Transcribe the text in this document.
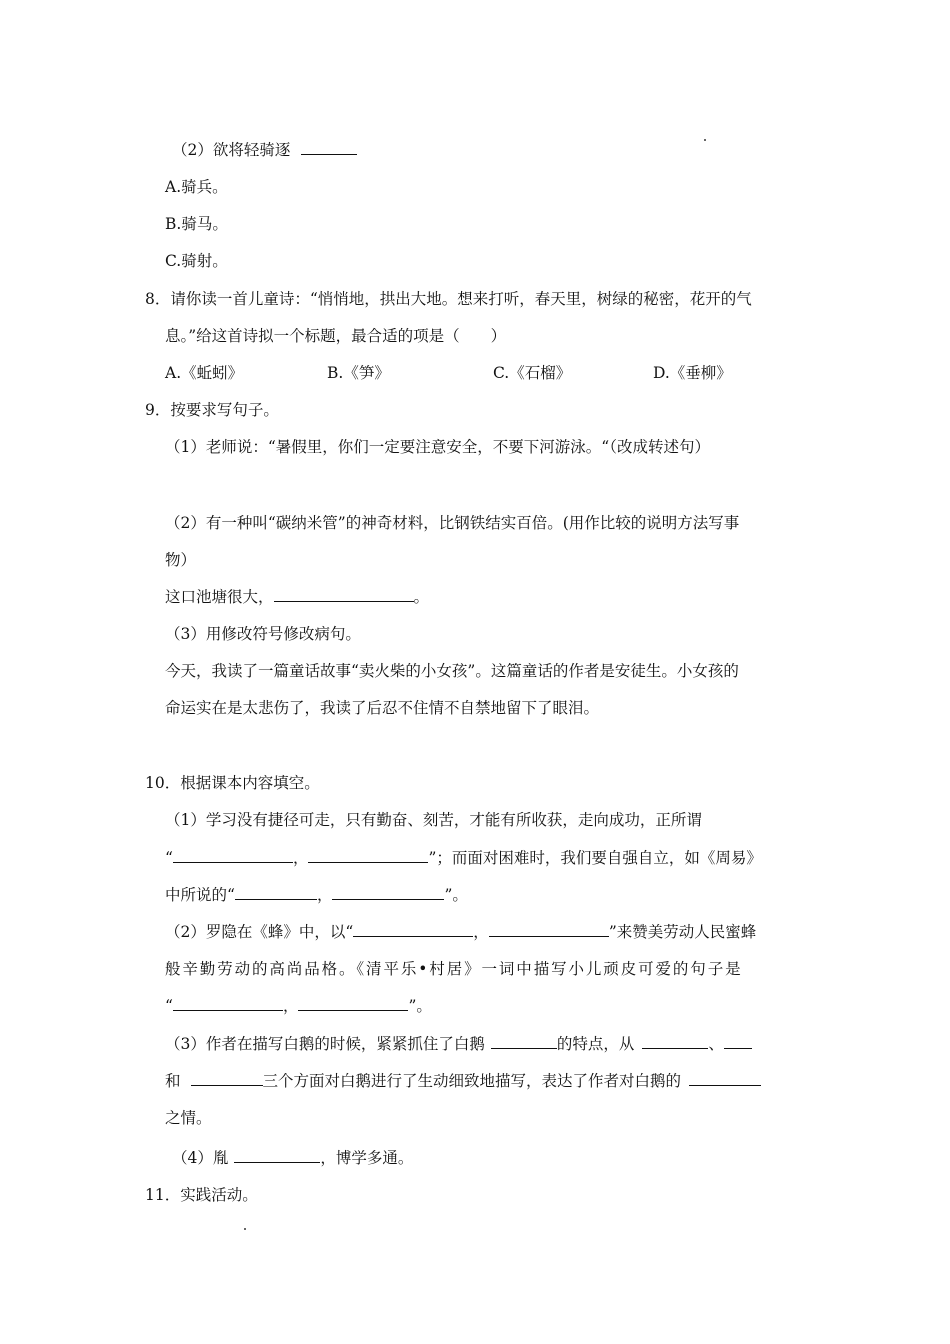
（2）欲将轻骑逐
A.骑兵。
B.骑马。
C.骑射。
8．请你读一首儿童诗：“悄悄地，拱出大地。想来打听，春天里，树绿的秘密，花开的气
息。”给这首诗拟一个标题，最合适的项是（　　）
A.《蚯蚓》	B.《笋》	C.《石榴》	D.《垂柳》
9．按要求写句子。
（1）老师说：“暑假里，你们一定要注意安全，不要下河游泳。“（改成转述句）
（2）有一种叫“碳纳米管”的神奇材料，比钢铁结实百倍。(用作比较的说明方法写事
物）
这口池塘很大，	。
（3）用修改符号修改病句。
今天，我读了一篇童话故事“卖火柴的小女孩”。这篇童话的作者是安徒生。小女孩的
命运实在是太悲伤了，我读了后忍不住情不自禁地留下了眼泪。
10．根据课本内容填空。
（1）学习没有捷径可走，只有勤奋、刻苦，才能有所收获，走向成功，正所谓
“	，	”；而面对困难时，我们要自强自立，如《周易》
中所说的“	，	”。
（2）罗隐在《蜂》中，以“	，	”来赞美劳动人民蜜蜂
般辛勤劳动的高尚品格。《清平乐•村居》一词中描写小儿顽皮可爱的句子是
“	，	”。
（3）作者在描写白鹅的时候，紧紧抓住了白鹅	的特点，从	、
和	三个方面对白鹅进行了生动细致地描写，表达了作者对白鹅的
之情。
（4）胤	，博学多通。
11．实践活动。
